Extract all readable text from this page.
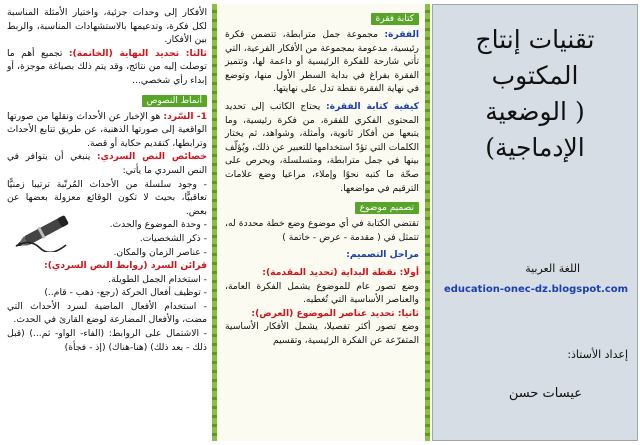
الأفكار إلى وحدات جزئية، واختيار الأمثلة المناسبة لكل فكرة، وتدعيمها بالاستشهادات المناسبة، والربط بين الأفكار.

ثالثا: تحديد النهاية (الخاتمة): تجميع أهم ما توصلت إليه من نتائج، وقد يتم ذلك بصياغة موجزة، أو إبداء رأي شخصي...

أنماط النصوص

1- السّرد: هو الإخبار عن الأحداث ونقلها من صورتها الواقعية إلى صورتها الذهنية، عن طريق تتابع الأحداث وترابطها، كتقديم حكاية أو قصة.

خصائص النص السردي: ينبغي أن يتوافر في النص السردي ما يأتي:

- وجود سلسلة من الأحداث المُرتّبة ترتيبا زمنيًّا تعاقبيًّا، بحيث لا تكون الوقائع معزولة بعضها عن بعض.

- وحدة الموضوع والحدث.

- ذكر الشخصيات.

- عناصر الزمان والمكان.

قرائن السرد (روابط النص السردي):

- استخدام الجمل الطويلة.

- توظيف أفعال الحركة (رجع- ذهب - قام..)

- استخدام الأفعال الماضية لسرد الأحداث التي مضت، والأفعال المضارعة لوضع القارئ في الحدث.

- الاشتمال على الروابط: (الفاء- الواو- ثم...) (قبل ذلك - بعد ذلك) (هنا-هناك) (إذ - فجأة)

كتابة فقرة

الفقرة: مجموعة جمل مترابطة، تتضمن فكرة رئيسية، مدعومة بمجموعة من الأفكار الفرعية، التي تأتي شارحة للفكرة الرئيسية أو داعمة لها، وتتميز الفقرة بفراغ في بداية السطر الأول منها، وتوضع في نهاية الفقرة نقطة تدل على نهايتها.

كيفية كتابة الفقرة: يحتاج الكاتب إلى تحديد المحتوى الفكري للفقرة، من فكرة رئيسية، وما يتبعها من أفكار ثانوية، وأمثلة، وشواهد، ثم يختار الكلمات التي تؤدّ استخدامها للتعبير عن ذلك، ويُؤلّف بينها في جمل مترابطة، ومتسلسلة، ويحرص على صحّة ما كتبه نحوًا وإملاء، مراعيا وضع علامات الترقيم في مواضعها.

تصميم موضوع

تقتضي الكتابة في أي موضوع وضع خطة محددة له، تتمثل في ( مقدمة - عرض - خاتمة )

مراحل التصميم:

أولا: نقطة البداية (تحديد المقدمة):

وضع تصور عام للموضوع يشمل الفكرة العامة، والعناصر الأساسية التي تُغطيه.

ثانيا: تحديد عناصر الموضوع (العرض):

وضع تصور أكثر تفصيلا، يشمل الأفكار الأساسية المتفرّعة عن الفكرة الرئيسية، وتقسيم

تقنيات إنتاج
المكتوب
( الوضعية
الإدماجية)
اللغة العربية
education-onec-dz.blogspot.com
إعداد الأستاذ:
عيسات حسن
